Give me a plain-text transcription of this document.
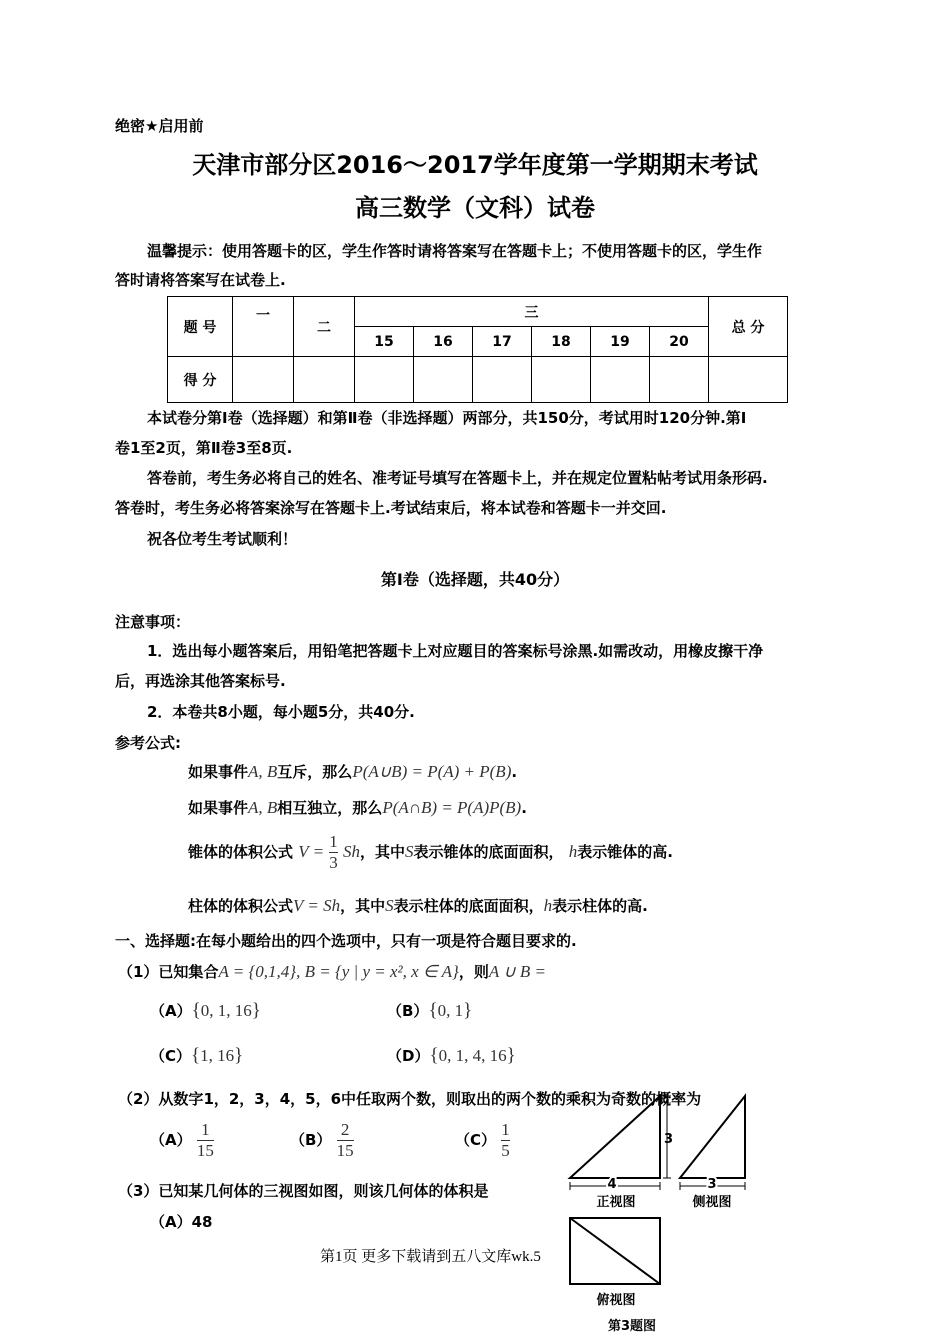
绝密★启用前
天津市部分区2016～2017学年度第一学期期末考试
高三数学（文科）试卷
温馨提示：使用答题卡的区，学生作答时请将答案写在答题卡上；不使用答题卡的区，学生作
答时请将答案写在试卷上.
题 号	一	二	三						总 分
			15	16	17	18	19	20	
得 分									
本试卷分第Ⅰ卷（选择题）和第Ⅱ卷（非选择题）两部分，共150分，考试用时120分钟.第Ⅰ
卷1至2页，第Ⅱ卷3至8页.
答卷前，考生务必将自己的姓名、准考证号填写在答题卡上，并在规定位置粘帖考试用条形码.
答卷时，考生务必将答案涂写在答题卡上.考试结束后，将本试卷和答题卡一并交回.
祝各位考生考试顺利！
第Ⅰ卷（选择题，共40分）
注意事项：
1．选出每小题答案后，用铅笔把答题卡上对应题目的答案标号涂黑.如需改动，用橡皮擦干净
后，再选涂其他答案标号.
2．本卷共8小题，每小题5分，共40分.
参考公式:
如果事件A, B互斥，那么P(A∪B) = P(A) + P(B).
如果事件A, B相互独立，那么P(A∩B) = P(A)P(B).
锥体的体积公式 $V = \frac{1}{3}$ Sh，其中S表示锥体的底面面积， h表示锥体的高.
柱体的体积公式V = Sh，其中S表示柱体的底面面积，h表示柱体的高.
一、选择题:在每小题给出的四个选项中，只有一项是符合题目要求的.
（1）已知集合A = {0,1,4}, B = {y | y = x², x ∈ A}，则A ∪ B =
（A）{0, 1, 16}	（B）{0, 1}
（C）{1, 16}	（D）{0, 1, 4, 16}
（2）从数字1，2，3，4，5，6中任取两个数，则取出的两个数的乘积为奇数的概率为
$(A) \frac{1}{15}$	$(B) \frac{2}{15}$	$(C) \frac{1}{5}$
（3）已知某几何体的三视图如图，则该几何体的体积是
（A）48
第1页 更多下载请到五八文库wk.5
4
3
正视图
3
侧视图
俯视图
第3题图
